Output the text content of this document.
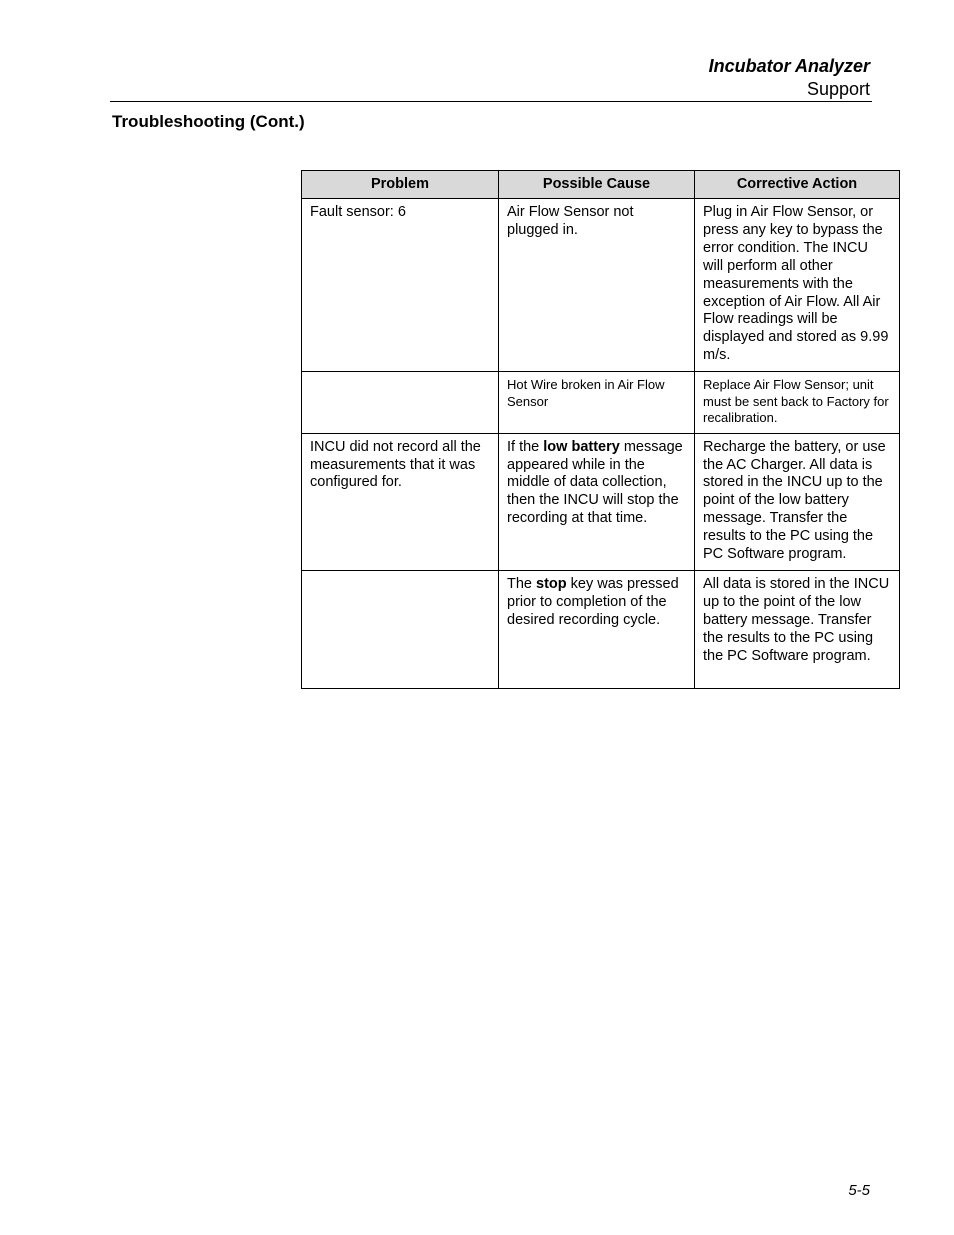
Incubator Analyzer
Support
Troubleshooting (Cont.)
Problem	Possible Cause	Corrective Action
Fault sensor: 6	Air Flow Sensor not plugged in.	Plug in Air Flow Sensor, or press any key to bypass the error condition. The INCU will perform all other measurements with the exception of Air Flow. All Air Flow readings will be displayed and stored as 9.99 m/s.
	Hot Wire broken in Air Flow Sensor	Replace Air Flow Sensor; unit must be sent back to Factory for recalibration.
INCU did not record all the measurements that it was configured for.	If the low battery message appeared while in the middle of data collection, then the INCU will stop the recording at that time.	Recharge the battery, or use the AC Charger. All data is stored in the INCU up to the point of the low battery message. Transfer the results to the PC using the PC Software program.
	The stop key was pressed prior to completion of the desired recording cycle.	All data is stored in the INCU up to the point of the low battery message. Transfer the results to the PC using the PC Software program.
5-5
